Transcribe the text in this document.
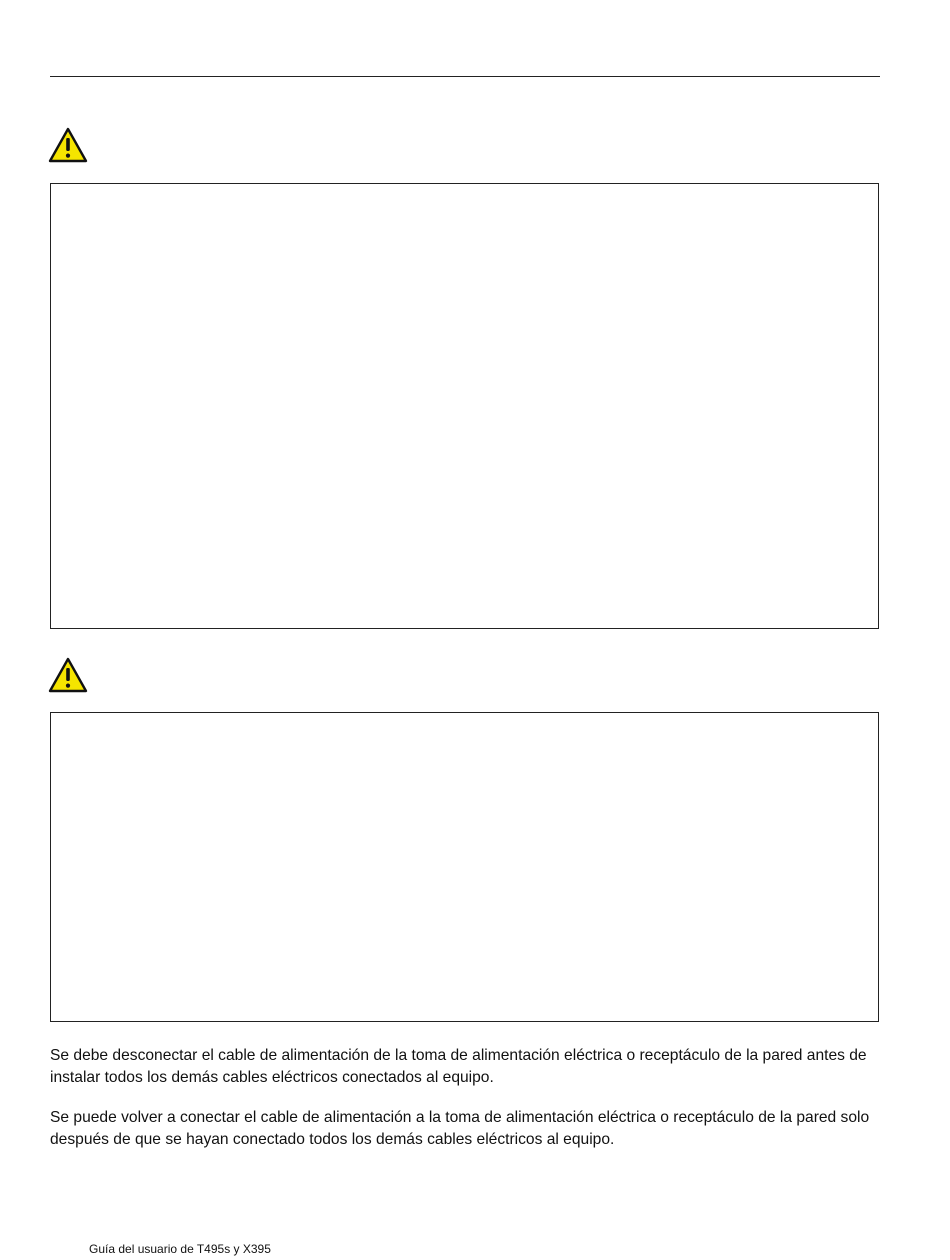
Se debe desconectar el cable de alimentación de la toma de alimentación eléctrica o receptáculo de la pared antes de instalar todos los demás cables eléctricos conectados al equipo.

Se puede volver a conectar el cable de alimentación a la toma de alimentación eléctrica o receptáculo de la pared solo después de que se hayan conectado todos los demás cables eléctricos al equipo.

Guía del usuario de T495s y X395
